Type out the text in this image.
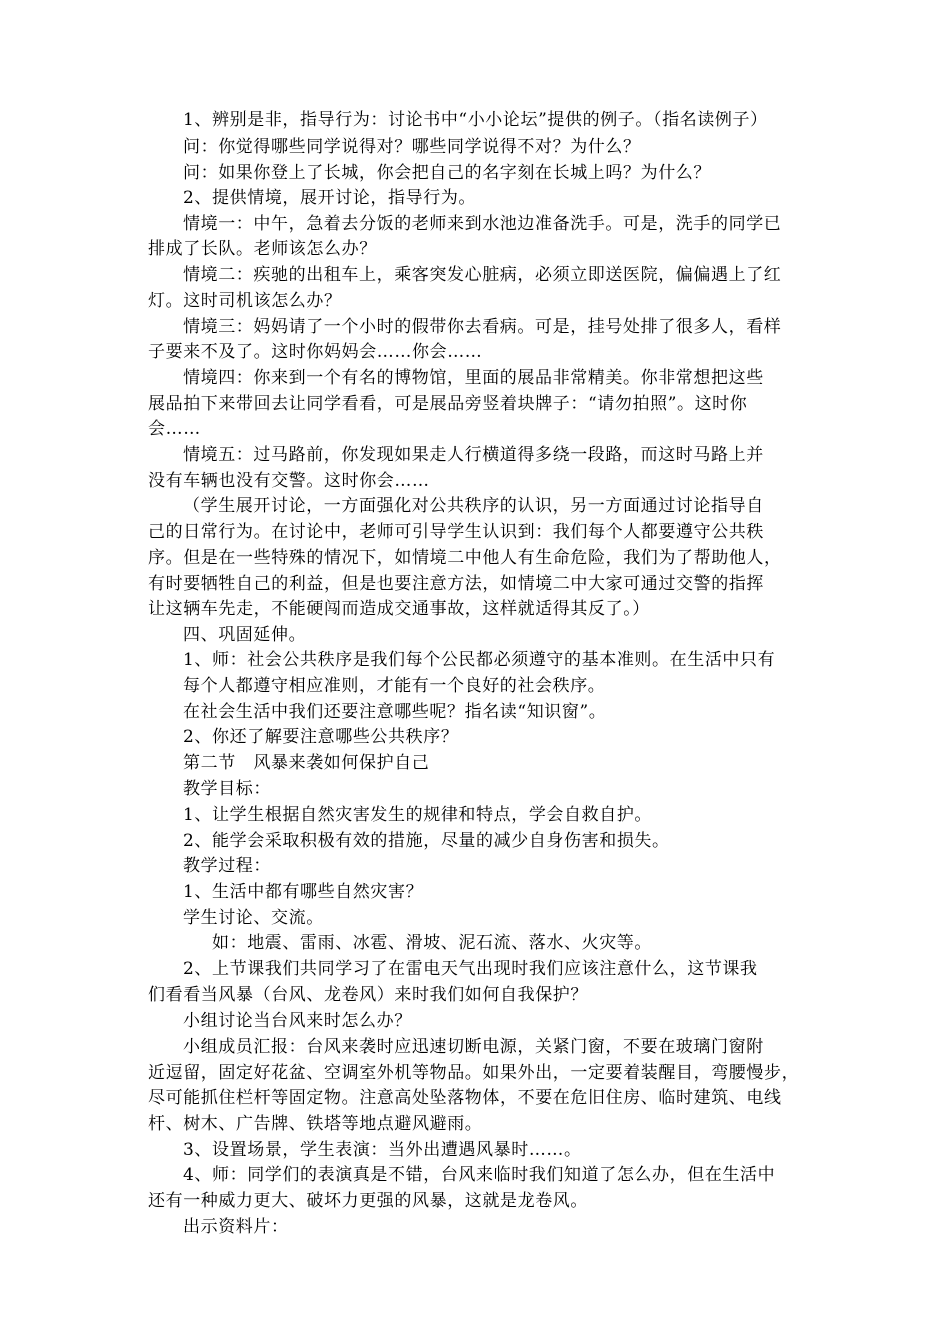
1、辨别是非，指导行为：讨论书中“小小论坛”提供的例子。（指名读例子）
问：你觉得哪些同学说得对？哪些同学说得不对？为什么？
问：如果你登上了长城，你会把自己的名字刻在长城上吗？为什么？
2、提供情境，展开讨论，指导行为。
情境一：中午，急着去分饭的老师来到水池边准备洗手。可是，洗手的同学已
排成了长队。老师该怎么办？
情境二：疾驰的出租车上，乘客突发心脏病，必须立即送医院，偏偏遇上了红
灯。这时司机该怎么办？
情境三：妈妈请了一个小时的假带你去看病。可是，挂号处排了很多人，看样
子要来不及了。这时你妈妈会……你会……
情境四：你来到一个有名的博物馆，里面的展品非常精美。你非常想把这些
展品拍下来带回去让同学看看，可是展品旁竖着块牌子：“请勿拍照”。这时你
会……
情境五：过马路前，你发现如果走人行横道得多绕一段路，而这时马路上并
没有车辆也没有交警。这时你会……
（学生展开讨论，一方面强化对公共秩序的认识，另一方面通过讨论指导自
己的日常行为。在讨论中，老师可引导学生认识到：我们每个人都要遵守公共秩
序。但是在一些特殊的情况下，如情境二中他人有生命危险，我们为了帮助他人，
有时要牺牲自己的利益，但是也要注意方法，如情境二中大家可通过交警的指挥
让这辆车先走，不能硬闯而造成交通事故，这样就适得其反了。）
四、巩固延伸。
1、师：社会公共秩序是我们每个公民都必须遵守的基本准则。在生活中只有
每个人都遵守相应准则，才能有一个良好的社会秩序。
在社会生活中我们还要注意哪些呢？指名读“知识窗”。
2、你还了解要注意哪些公共秩序？
第二节　风暴来袭如何保护自己
教学目标：
1、让学生根据自然灾害发生的规律和特点，学会自救自护。
2、能学会采取积极有效的措施，尽量的减少自身伤害和损失。
教学过程：
1、生活中都有哪些自然灾害？
学生讨论、交流。
如：地震、雷雨、冰雹、滑坡、泥石流、落水、火灾等。
2、上节课我们共同学习了在雷电天气出现时我们应该注意什么，这节课我
们看看当风暴（台风、龙卷风）来时我们如何自我保护？
小组讨论当台风来时怎么办？
小组成员汇报：台风来袭时应迅速切断电源，关紧门窗，不要在玻璃门窗附
近逗留，固定好花盆、空调室外机等物品。如果外出，一定要着装醒目，弯腰慢步，
尽可能抓住栏杆等固定物。注意高处坠落物体，不要在危旧住房、临时建筑、电线
杆、树木、广告牌、铁塔等地点避风避雨。
3、设置场景，学生表演：当外出遭遇风暴时……。
4、师：同学们的表演真是不错，台风来临时我们知道了怎么办，但在生活中
还有一种威力更大、破坏力更强的风暴，这就是龙卷风。
出示资料片：
